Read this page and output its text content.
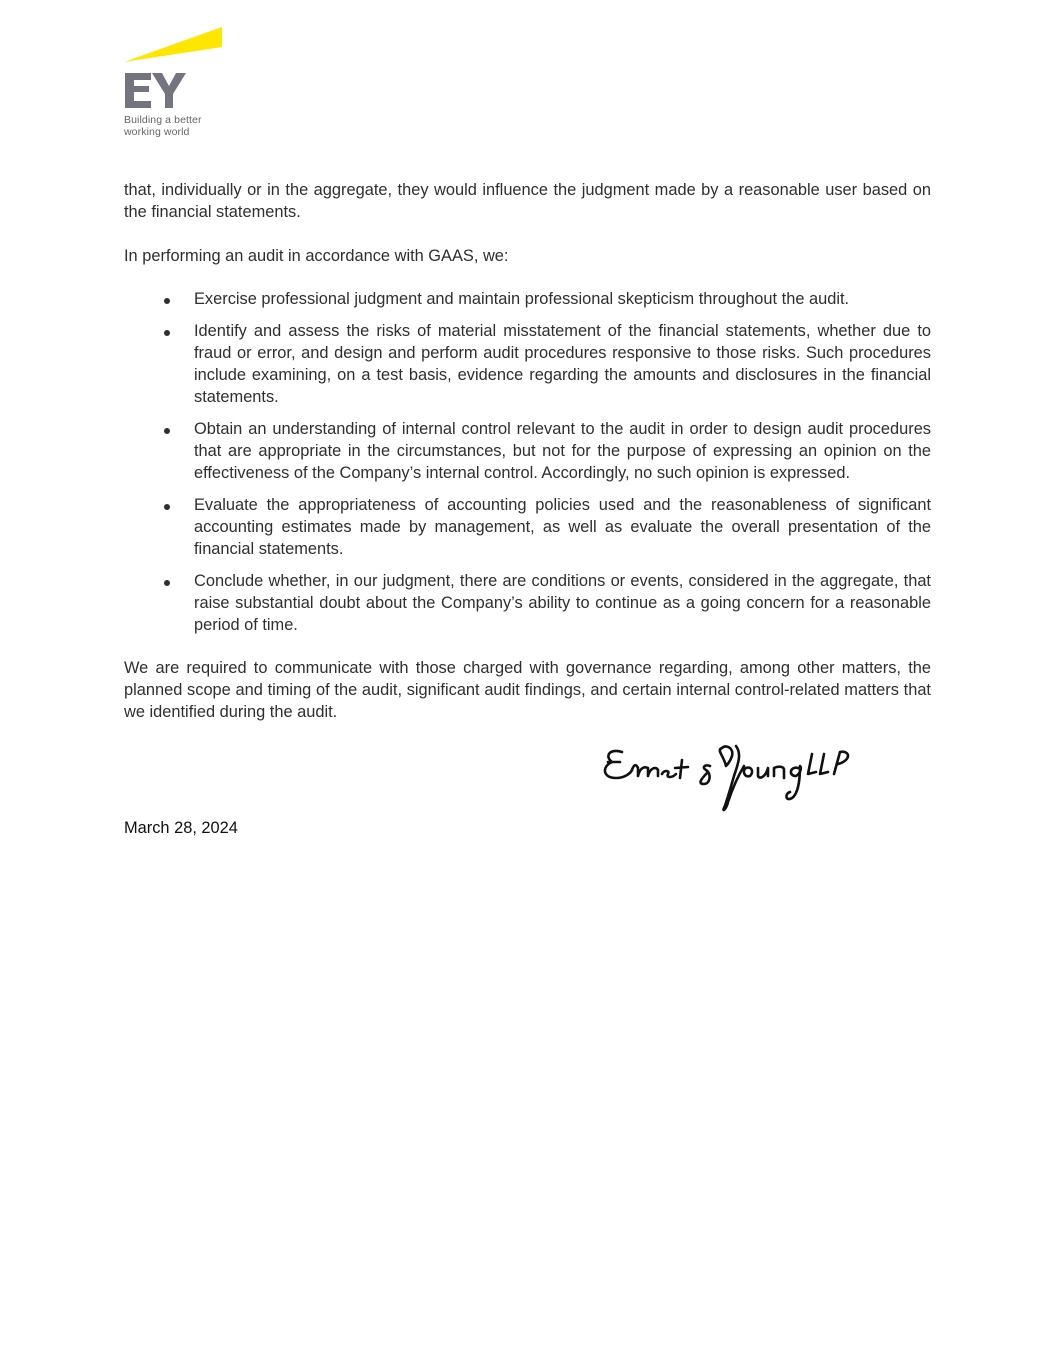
Building a better
working world

that, individually or in the aggregate, they would influence the judgment made by a reasonable user based on the financial statements.

In performing an audit in accordance with GAAS, we:

Exercise professional judgment and maintain professional skepticism throughout the audit.
Identify and assess the risks of material misstatement of the financial statements, whether due to fraud or error, and design and perform audit procedures responsive to those risks. Such procedures include examining, on a test basis, evidence regarding the amounts and disclosures in the financial statements.
Obtain an understanding of internal control relevant to the audit in order to design audit procedures that are appropriate in the circumstances, but not for the purpose of expressing an opinion on the effectiveness of the Company’s internal control. Accordingly, no such opinion is expressed.
Evaluate the appropriateness of accounting policies used and the reasonableness of significant accounting estimates made by management, as well as evaluate the overall presentation of the financial statements.
Conclude whether, in our judgment, there are conditions or events, considered in the aggregate, that raise substantial doubt about the Company’s ability to continue as a going concern for a reasonable period of time.

We are required to communicate with those charged with governance regarding, among other matters, the planned scope and timing of the audit, significant audit findings, and certain internal control-related matters that we identified during the audit.

March 28, 2024
